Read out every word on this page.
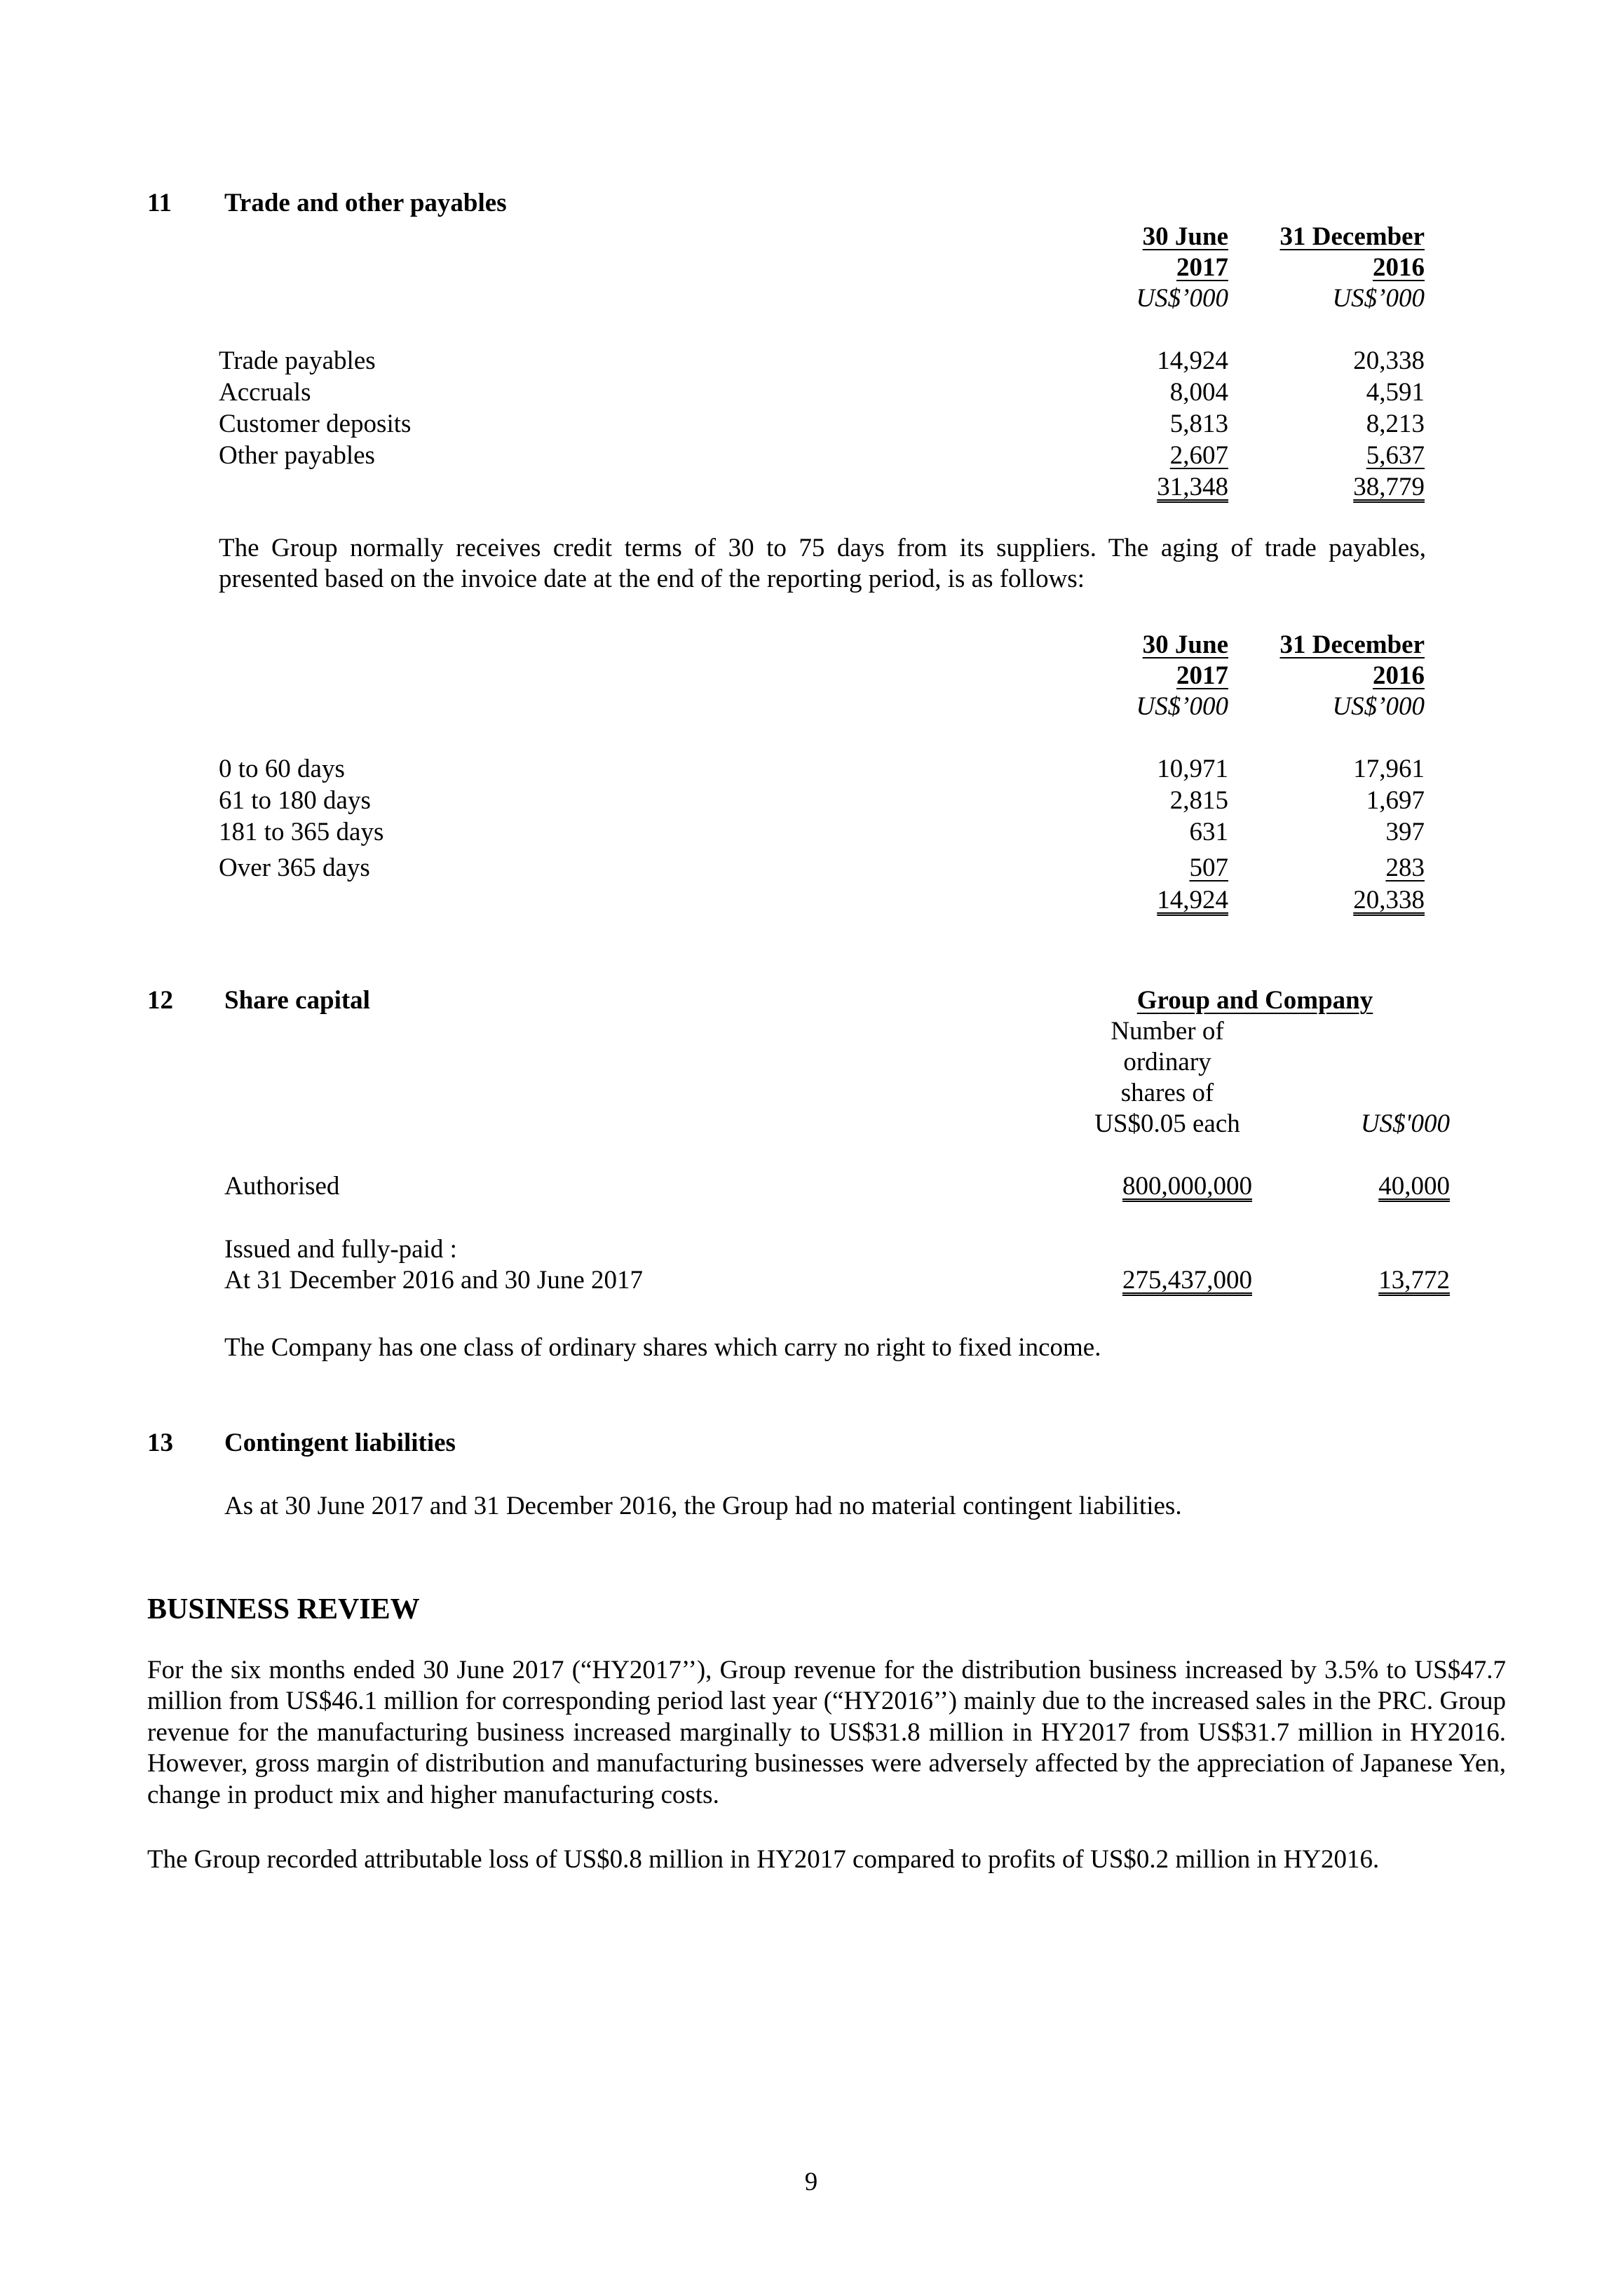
11 Trade and other payables
30 June
2017
US$’000
31 December
2016
US$’000
Trade payables	14,924	20,338
Accruals	8,004	4,591
Customer deposits	5,813	8,213
Other payables	2,607	5,637
31,348	38,779
The Group normally receives credit terms of 30 to 75 days from its suppliers. The aging of trade payables, presented based on the invoice date at the end of the reporting period, is as follows:
30 June
2017
US$’000
31 December
2016
US$’000
0 to 60 days	10,971	17,961
61 to 180 days	2,815	1,697
181 to 365 days	631	397
Over 365 days	507	283
14,924	20,338
12 Share capital	Group and Company
Number of
ordinary
shares of
US$0.05 each	US$'000
Authorised	800,000,000	40,000
Issued and fully-paid :
At 31 December 2016 and 30 June 2017	275,437,000	13,772
The Company has one class of ordinary shares which carry no right to fixed income.
13 Contingent liabilities
As at 30 June 2017 and 31 December 2016, the Group had no material contingent liabilities.
BUSINESS REVIEW
For the six months ended 30 June 2017 (“HY2017’’), Group revenue for the distribution business increased by 3.5% to US$47.7 million from US$46.1 million for corresponding period last year (“HY2016’’) mainly due to the increased sales in the PRC. Group revenue for the manufacturing business increased marginally to US$31.8 million in HY2017 from US$31.7 million in HY2016. However, gross margin of distribution and manufacturing businesses were adversely affected by the appreciation of Japanese Yen, change in product mix and higher manufacturing costs.
The Group recorded attributable loss of US$0.8 million in HY2017 compared to profits of US$0.2 million in HY2016.
9
